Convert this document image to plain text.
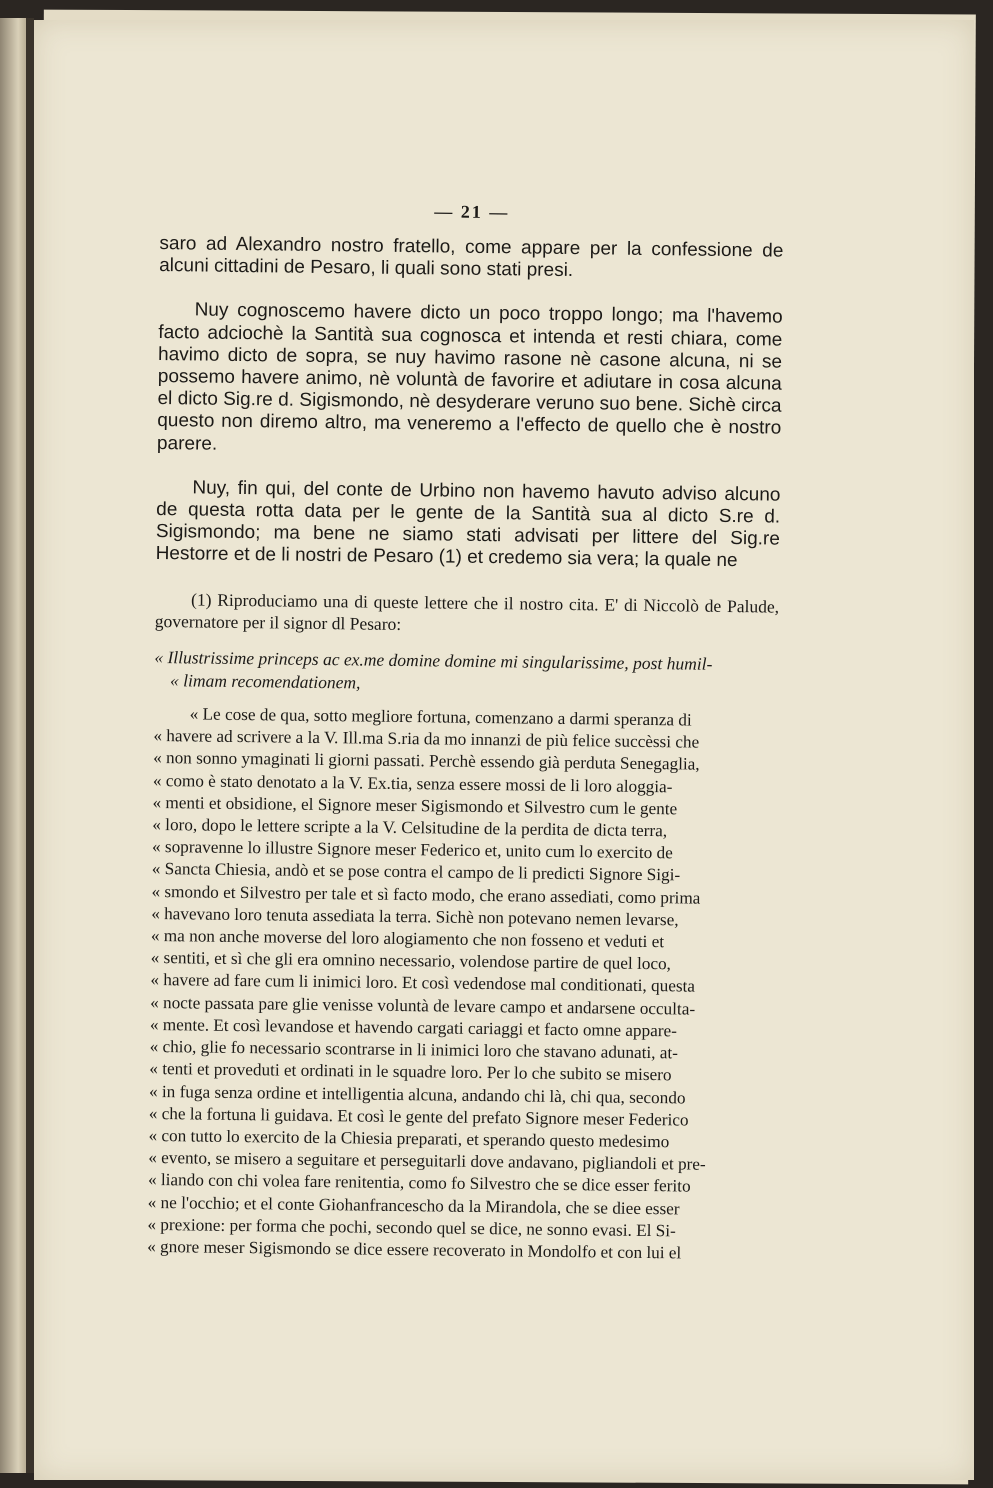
— 21 —

saro ad Alexandro nostro fratello, come appare per la confessione de alcuni cittadini de Pesaro, li quali sono stati presi.

Nuy cognoscemo havere dicto un poco troppo longo; ma l'havemo facto adciochè la Santità sua cognosca et intenda et resti chiara, come havimo dicto de sopra, se nuy havimo rasone nè casone alcuna, ni se possemo havere animo, nè voluntà de favorire et adiutare in cosa alcuna el dicto Sig.re d. Sigismondo, nè desyderare veruno suo bene. Sichè circa questo non diremo altro, ma veneremo a l'effecto de quello che è nostro parere.

Nuy, fin qui, del conte de Urbino non havemo havuto adviso alcuno de questa rotta data per le gente de la Santità sua al dicto S.re d. Sigismondo; ma bene ne siamo stati advisati per littere del Sig.re Hestorre et de li nostri de Pesaro (1) et credemo sia vera; la quale ne

(1) Riproduciamo una di queste lettere che il nostro cita. E' di Niccolò de Palude, governatore per il signor dl Pesaro:

« Illustrissime princeps ac ex.me domine domine mi singularissime, post humil-
« limam recomendationem,
« Le cose de qua, sotto megliore fortuna, comenzano a darmi speranza di
« havere ad scrivere a la V. Ill.ma S.ria da mo innanzi de più felice succèssi che
« non sonno ymaginati li giorni passati. Perchè essendo già perduta Senegaglia,
« como è stato denotato a la V. Ex.tia, senza essere mossi de li loro aloggia-
« menti et obsidione, el Signore meser Sigismondo et Silvestro cum le gente
« loro, dopo le lettere scripte a la V. Celsitudine de la perdita de dicta terra,
« sopravenne lo illustre Signore meser Federico et, unito cum lo exercito de
« Sancta Chiesia, andò et se pose contra el campo de li predicti Signore Sigi-
« smondo et Silvestro per tale et sì facto modo, che erano assediati, como prima
« havevano loro tenuta assediata la terra. Sichè non potevano nemen levarse,
« ma non anche moverse del loro alogiamento che non fosseno et veduti et
« sentiti, et sì che gli era omnino necessario, volendose partire de quel loco,
« havere ad fare cum li inimici loro. Et così vedendose mal conditionati, questa
« nocte passata pare glie venisse voluntà de levare campo et andarsene occulta-
« mente. Et così levandose et havendo cargati cariaggi et facto omne appare-
« chio, glie fo necessario scontrarse in li inimici loro che stavano adunati, at-
« tenti et proveduti et ordinati in le squadre loro. Per lo che subito se misero
« in fuga senza ordine et intelligentia alcuna, andando chi là, chi qua, secondo
« che la fortuna li guidava. Et così le gente del prefato Signore meser Federico
« con tutto lo exercito de la Chiesia preparati, et sperando questo medesimo
« evento, se misero a seguitare et perseguitarli dove andavano, pigliandoli et pre-
« liando con chi volea fare renitentia, como fo Silvestro che se dice esser ferito
« ne l'occhio; et el conte Giohanfrancescho da la Mirandola, che se diee esser
« prexione: per forma che pochi, secondo quel se dice, ne sonno evasi. El Si-
« gnore meser Sigismondo se dice essere recoverato in Mondolfo et con lui el
